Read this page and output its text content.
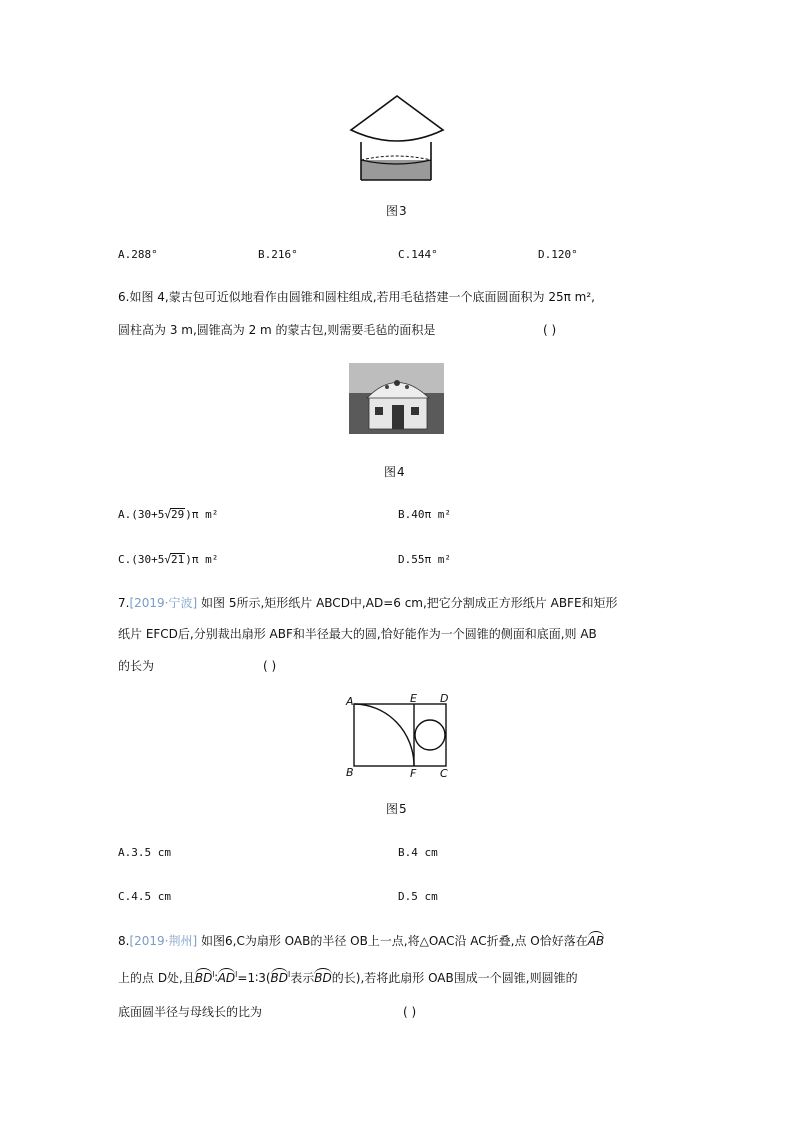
图3
A.288°	B.216°	C.144°	D.120°
6.如图 4,蒙古包可近似地看作由圆锥和圆柱组成,若用毛毡搭建一个底面圆面积为 25π m²,
圆柱高为 3 m,圆锥高为 2 m 的蒙古包,则需要毛毡的面积是	( )
图4
A.(30+5√29)π m²	B.40π m²
C.(30+5√21)π m²	D.55π m²
7.[2019·宁波] 如图 5所示,矩形纸片 ABCD中,AD=6 cm,把它分割成正方形纸片 ABFE和矩形
纸片 EFCD后,分别裁出扇形 ABF和半径最大的圆,恰好能作为一个圆锥的侧面和底面,则 AB
的长为	( )
A
B
E
F
D
C
图5
A.3.5 cm	B.4 cm
C.4.5 cm	D.5 cm
8.[2019·荆州] 如图6,C为扇形 OAB的半径 OB上一点,将△OAC沿 AC折叠,点 O恰好落在AB
上的点 D处,且$BD^l∶AD^l=1∶3(BD^l$表示BD的长),若将此扇形 OAB围成一个圆锥,则圆锥的
底面圆半径与母线长的比为	( )
